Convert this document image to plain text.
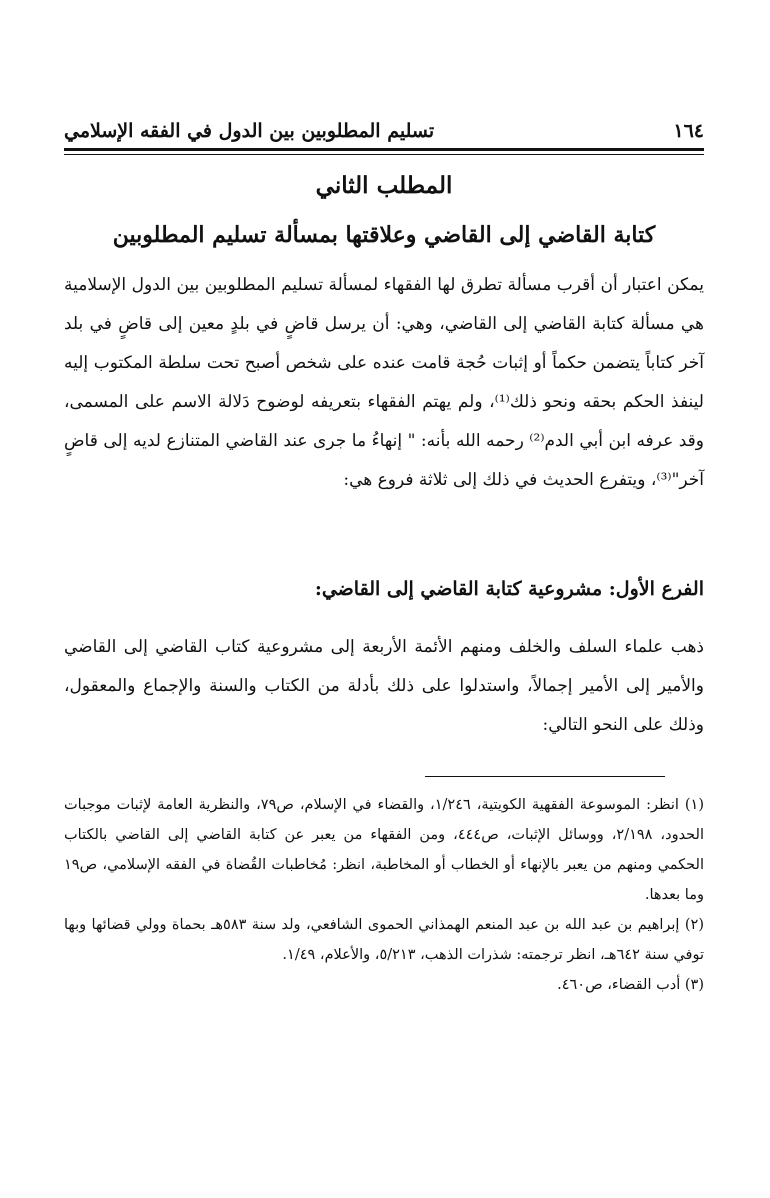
١٦٤
تسليم المطلوبين بين الدول في الفقه الإسلامي
المطلب الثاني
كتابة القاضي إلى القاضي وعلاقتها بمسألة تسليم المطلوبين

يمكن اعتبار أن أقرب مسألة تطرق لها الفقهاء لمسألة تسليم المطلوبين بين الدول الإسلامية هي مسألة كتابة القاضي إلى القاضي، وهي: أن يرسل قاضٍ في بلدٍ معين إلى قاضٍ في بلد آخر كتاباً يتضمن حكماً أو إثبات حُجة قامت عنده على شخص أصبح تحت سلطة المكتوب إليه لينفذ الحكم بحقه ونحو ذلك⁽¹⁾، ولم يهتم الفقهاء بتعريفه لوضوح دَلالة الاسم على المسمى، وقد عرفه ابن أبي الدم⁽²⁾ رحمه الله بأنه: " إنهاءُ ما جرى عند القاضي المتنازع لديه إلى قاضٍ آخر"⁽³⁾، ويتفرع الحديث في ذلك إلى ثلاثة فروع هي:

الفرع الأول: مشروعية كتابة القاضي إلى القاضي:

ذهب علماء السلف والخلف ومنهم الأئمة الأربعة إلى مشروعية كتاب القاضي إلى القاضي والأمير إلى الأمير إجمالاً، واستدلوا على ذلك بأدلة من الكتاب والسنة والإجماع والمعقول، وذلك على النحو التالي:

(١) انظر: الموسوعة الفقهية الكويتية، ١/٢٤٦، والقضاء في الإسلام، ص٧٩، والنظرية العامة لإثبات موجبات الحدود، ٢/١٩٨، ووسائل الإثبات، ص٤٤٤، ومن الفقهاء من يعبر عن كتابة القاضي إلى القاضي بالكتاب الحكمي ومنهم من يعبر بالإنهاء أو الخطاب أو المخاطبة، انظر: مُخاطبات القُضاة في الفقه الإسلامي، ص١٩ وما بعدها.

(٢) إبراهيم بن عبد الله بن عبد المنعم الهمذاني الحموى الشافعي، ولد سنة ٥٨٣هـ بحماة وولي قضائها وبها توفي سنة ٦٤٢هـ، انظر ترجمته: شذرات الذهب، ٥/٢١٣، والأعلام، ١/٤٩.

(٣) أدب القضاء، ص٤٦٠.
